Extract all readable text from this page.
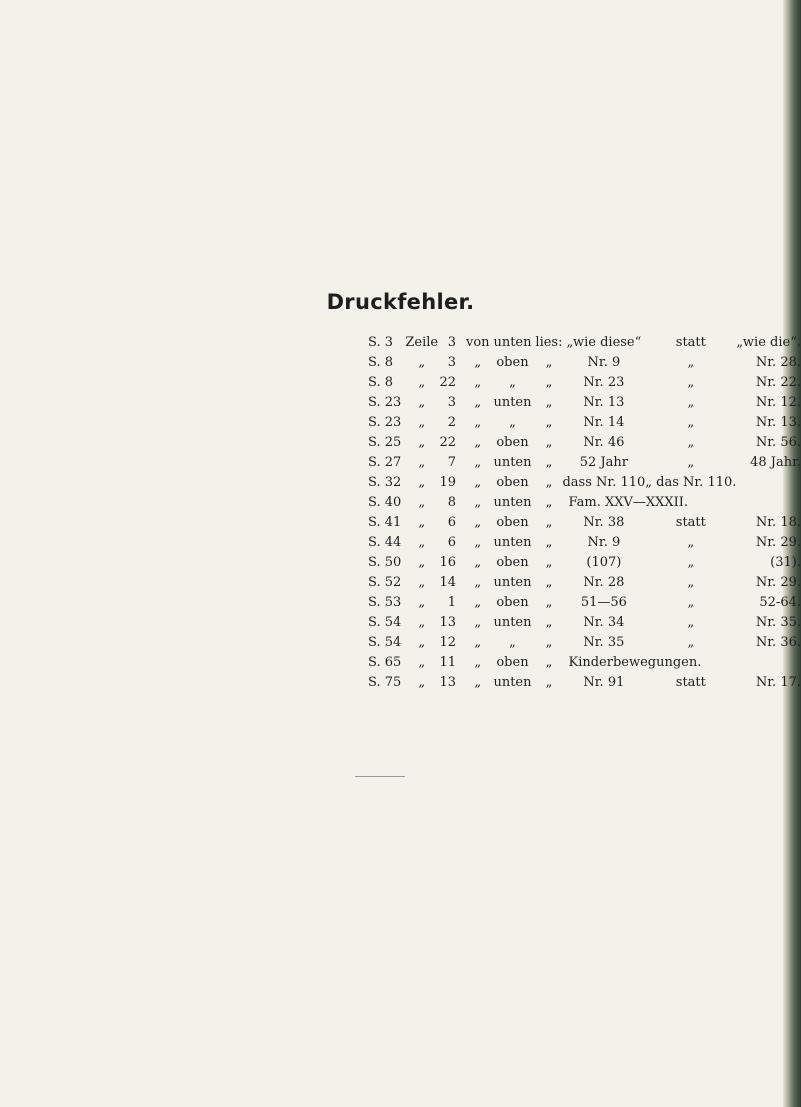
Druckfehler.
S. 3	Zeile	3	von	unten	lies:	„wie diese“	statt	„wie die“.
S. 8	„	3	„	oben	„	Nr. 9	„	Nr. 28.
S. 8	„	22	„	„	„	Nr. 23	„	Nr. 22.
S. 23	„	3	„	unten	„	Nr. 13	„	Nr. 12.
S. 23	„	2	„	„	„	Nr. 14	„	Nr. 13.
S. 25	„	22	„	oben	„	Nr. 46	„	Nr. 56.
S. 27	„	7	„	unten	„	52 Jahr	„	48 Jahr.
S. 32	„	19	„	oben	„	dass Nr. 110	„ das Nr. 110.	
S. 40	„	8	„	unten	„	Fam. XXV—XXXII.		
S. 41	„	6	„	oben	„	Nr. 38	statt	Nr. 18.
S. 44	„	6	„	unten	„	Nr. 9	„	Nr. 29.
S. 50	„	16	„	oben	„	(107)	„	(31).
S. 52	„	14	„	unten	„	Nr. 28	„	Nr. 29.
S. 53	„	1	„	oben	„	51—56	„	52-64.
S. 54	„	13	„	unten	„	Nr. 34	„	Nr. 35.
S. 54	„	12	„	„	„	Nr. 35	„	Nr. 36.
S. 65	„	11	„	oben	„	Kinderbewegungen.		
S. 75	„	13	„	unten	„	Nr. 91	statt	Nr. 17.
